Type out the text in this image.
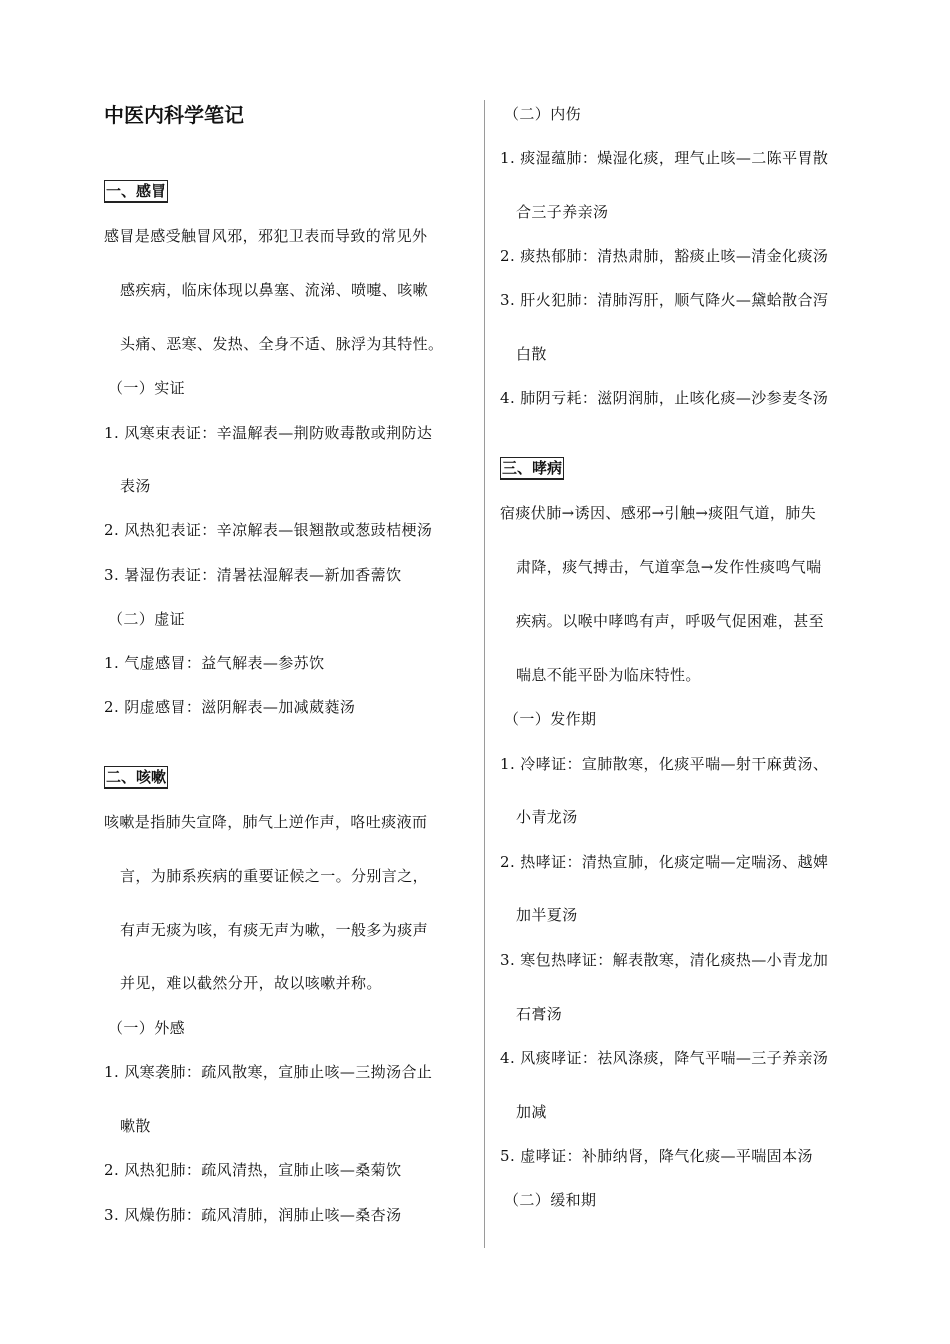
中医内科学笔记
一、感冒
感冒是感受触冒风邪，邪犯卫表而导致的常见外
感疾病，临床体现以鼻塞、流涕、喷嚏、咳嗽
头痛、恶寒、发热、全身不适、脉浮为其特性。
（一）实证
1. 风寒束表证：辛温解表—荆防败毒散或荆防达
表汤
2. 风热犯表证：辛凉解表—银翘散或葱豉桔梗汤
3. 暑湿伤表证：清暑祛湿解表—新加香薷饮
（二）虚证
1. 气虚感冒：益气解表—参苏饮
2. 阴虚感冒：滋阴解表—加减葳蕤汤
二、咳嗽
咳嗽是指肺失宣降，肺气上逆作声，咯吐痰液而
言，为肺系疾病的重要证候之一。分别言之，
有声无痰为咳，有痰无声为嗽，一般多为痰声
并见，难以截然分开，故以咳嗽并称。
（一）外感
1. 风寒袭肺：疏风散寒，宣肺止咳—三拗汤合止
嗽散
2. 风热犯肺：疏风清热，宣肺止咳—桑菊饮
3. 风燥伤肺：疏风清肺，润肺止咳—桑杏汤
（二）内伤
1. 痰湿蕴肺：燥湿化痰，理气止咳—二陈平胃散
合三子养亲汤
2. 痰热郁肺：清热肃肺，豁痰止咳—清金化痰汤
3. 肝火犯肺：清肺泻肝，顺气降火—黛蛤散合泻
白散
4. 肺阴亏耗：滋阴润肺，止咳化痰—沙参麦冬汤
三、哮病
宿痰伏肺→诱因、感邪→引触→痰阻气道，肺失
肃降，痰气搏击，气道挛急→发作性痰鸣气喘
疾病。以喉中哮鸣有声，呼吸气促困难，甚至
喘息不能平卧为临床特性。
（一）发作期
1. 冷哮证：宣肺散寒，化痰平喘—射干麻黄汤、
小青龙汤
2. 热哮证：清热宣肺，化痰定喘—定喘汤、越婢
加半夏汤
3. 寒包热哮证：解表散寒，清化痰热—小青龙加
石膏汤
4. 风痰哮证：祛风涤痰，降气平喘—三子养亲汤
加减
5. 虚哮证：补肺纳肾，降气化痰—平喘固本汤
（二）缓和期
